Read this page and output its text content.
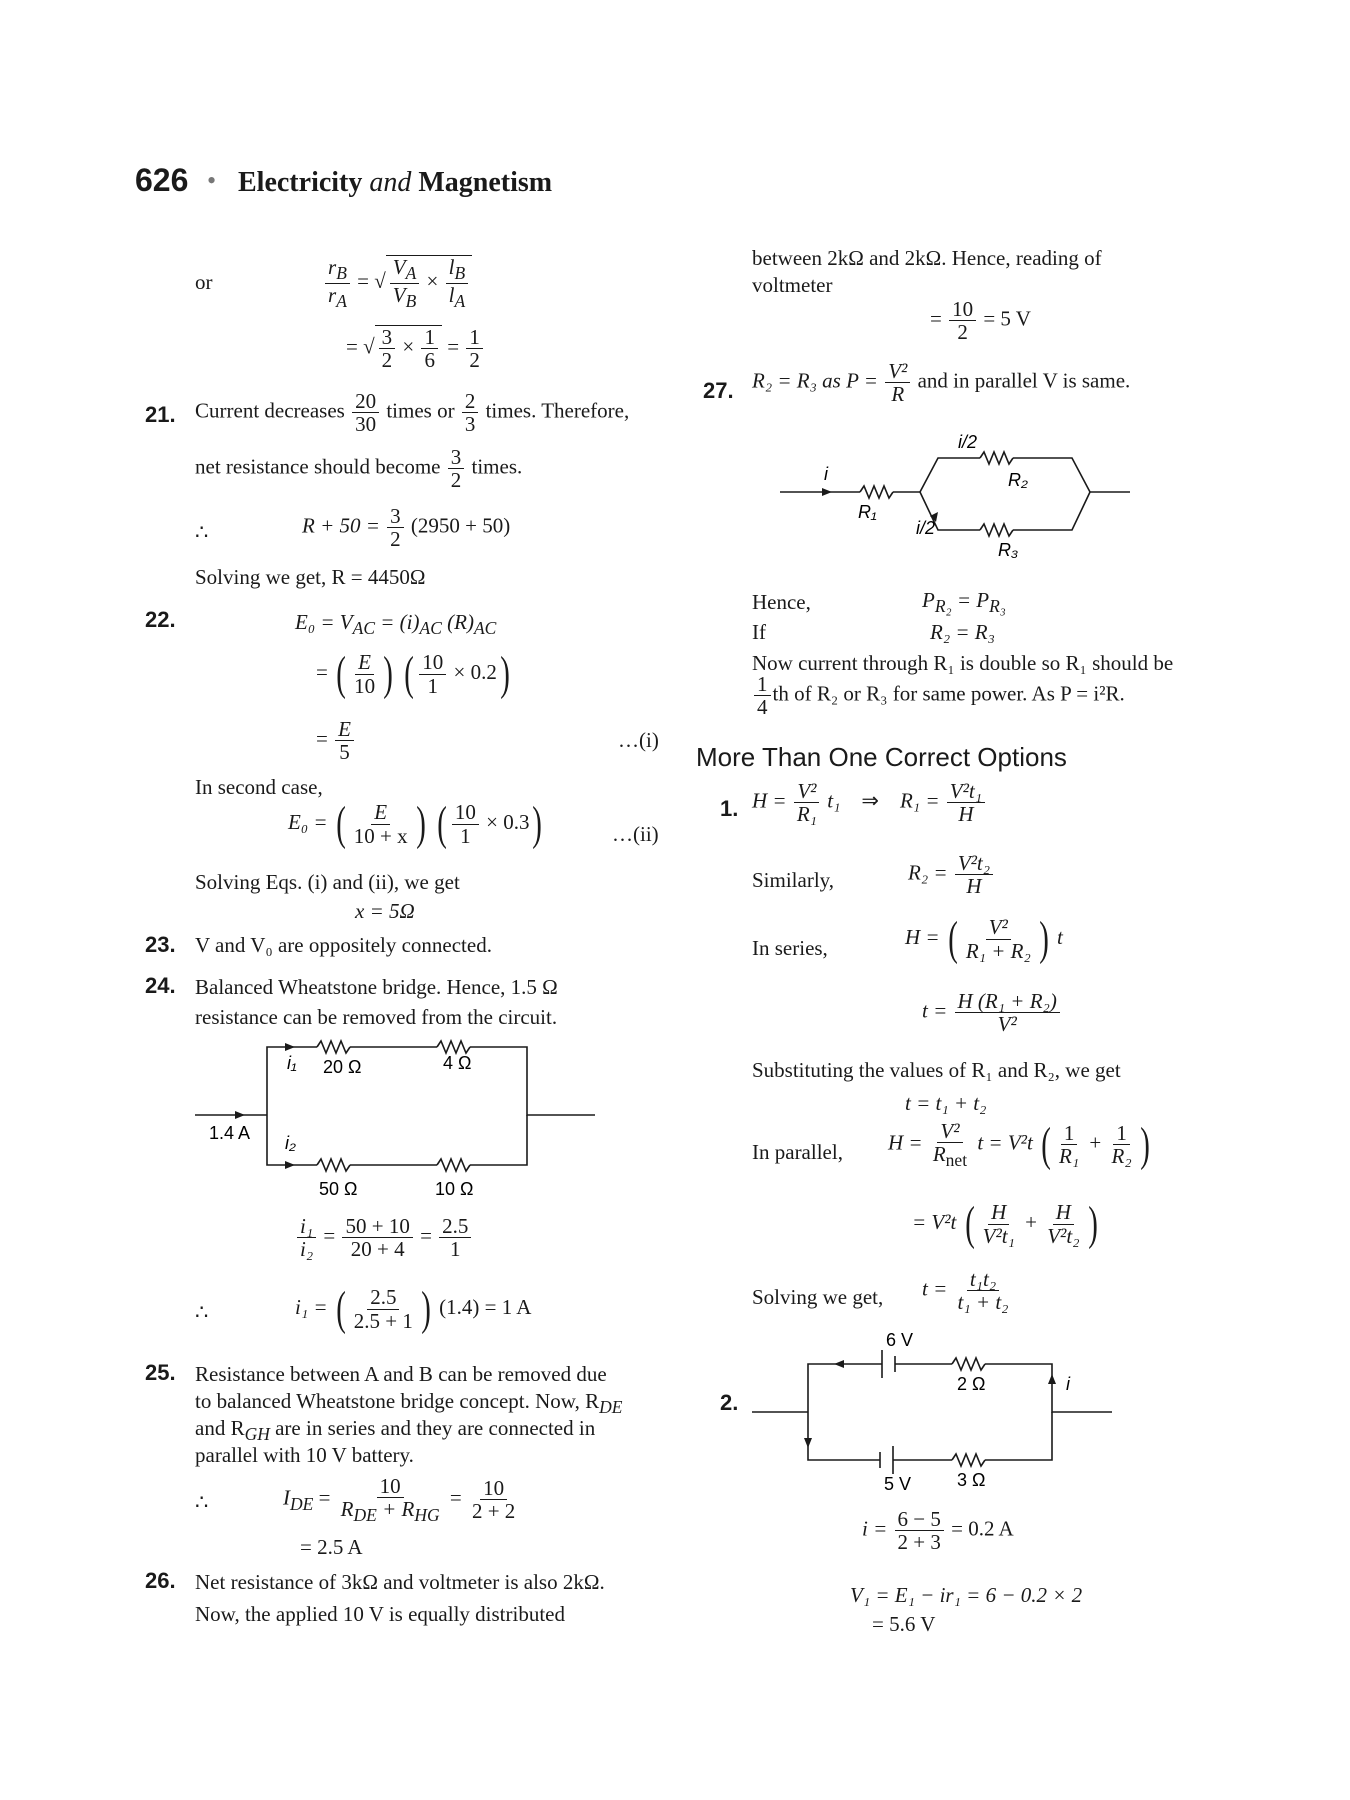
626 • Electricity and Magnetism
or	$\frac{r_B}{r_A}$ = √ $\frac{V_A}{V_B} \times \frac{l_B}{l_A}$
= √ $\frac{3}{2} \times \frac{1}{6} = \frac{1}{2}$
21. Current decreases $\frac{20}{30}$ times or $\frac{2}{3}$ times. Therefore,
net resistance should become $\frac{3}{2}$ times.
∴	$R + 50 = \frac{3}{2} (2950 + 50)$
Solving we get, R = 4450Ω
22.	$E_0 = V_{AC} = (i)_{AC}$ $(R)_{AC}$
= ( $\frac{E}{10}$ ) ( $\frac{10}{1} \times 0.2$)
= $\frac{E}{5}$	…(i)
In second case,
E₀ = ( $\frac{E}{10 + x}$ ) ( $\frac{10}{1} \times 0.3$)	…(ii)
Solving Eqs. (i) and (ii), we get
x = 5Ω
23. V and V₀ are oppositely connected.
24. Balanced Wheatstone bridge. Hence, 1.5 Ω
resistance can be removed from the circuit.
i₁ 20 Ω	4 Ω
1.4 A i₂
50 Ω	10 Ω
$\frac{\text{i₁}}{\text{i₂}} = \frac{50 + 10}{20 + 4} = \frac{2.5}{1}$
∴	i₁ = ( $\frac{2.5}{2.5 + 1}$ ) (1.4) = 1 A
25. Resistance between A and B can be removed due
to balanced Wheatstone bridge concept. Now, $R_{DE}$
and $R_{GH}$ are in series and they are connected in
parallel with 10 V battery.
∴	$I_{DE} = \frac{10}{R_{DE} + R_{HG}} = \frac{10}{2 + 2}$
= 2.5 A
26. Net resistance of 3kΩ and voltmeter is also 2kΩ.
Now, the applied 10 V is equally distributed
between 2kΩ and 2kΩ. Hence, reading of
voltmeter
= $\frac{10}{2} = 5$ V
27. R₂ = R₃ as $P = \frac{\text{V²}}{R}$ and in parallel V is same.
i
R₁
i/2
R₂
i/2
R₃
Hence,	$P_{R_2} = P_{R_3}$
If	R₂ = R₃
Now current through R₁ is double so R₁ should be
$\frac{1}{4}$ th of R₂ or R₃ for same power. As P = i²R.
More Than One Correct Options
1. $H = \frac{\text{V²}}{\text{R₁}} t_1$ ⇒ $R_1 = \frac{\text{V²t₁}}{H}$
Similarly,	$R_2 = \frac{\text{V²t₂}}{H}$
In series,	H = ( $\frac{\text{V²}}{\text{R₁ + R₂}}$ ) t
$t = \frac{\text{H (R₁ + R₂)}}{\text{V²}}$
Substituting the values of R₁ and R₂, we get
t = t₁ + t₂
In parallel, $H = \frac{\text{V²}}{R_{net}}$ t = V²t ( $\frac{1}{\text{R₁}} + \frac{1}{\text{R₂}}$ )
= V²t ( $\frac{H}{\text{V²t₁}} + \frac{H}{\text{V²t₂}}$ )
Solving we get, $t = \frac{\text{t₁t₂}}{\text{t₁ + t₂}}$
2.
6 V
2 Ω	i
5 V	3 Ω
$i = \frac{6 - 5}{2 + 3} = 0.2$ A
V₁ = E₁ − ir₁ = 6 − 0.2 × 2
= 5.6 V
